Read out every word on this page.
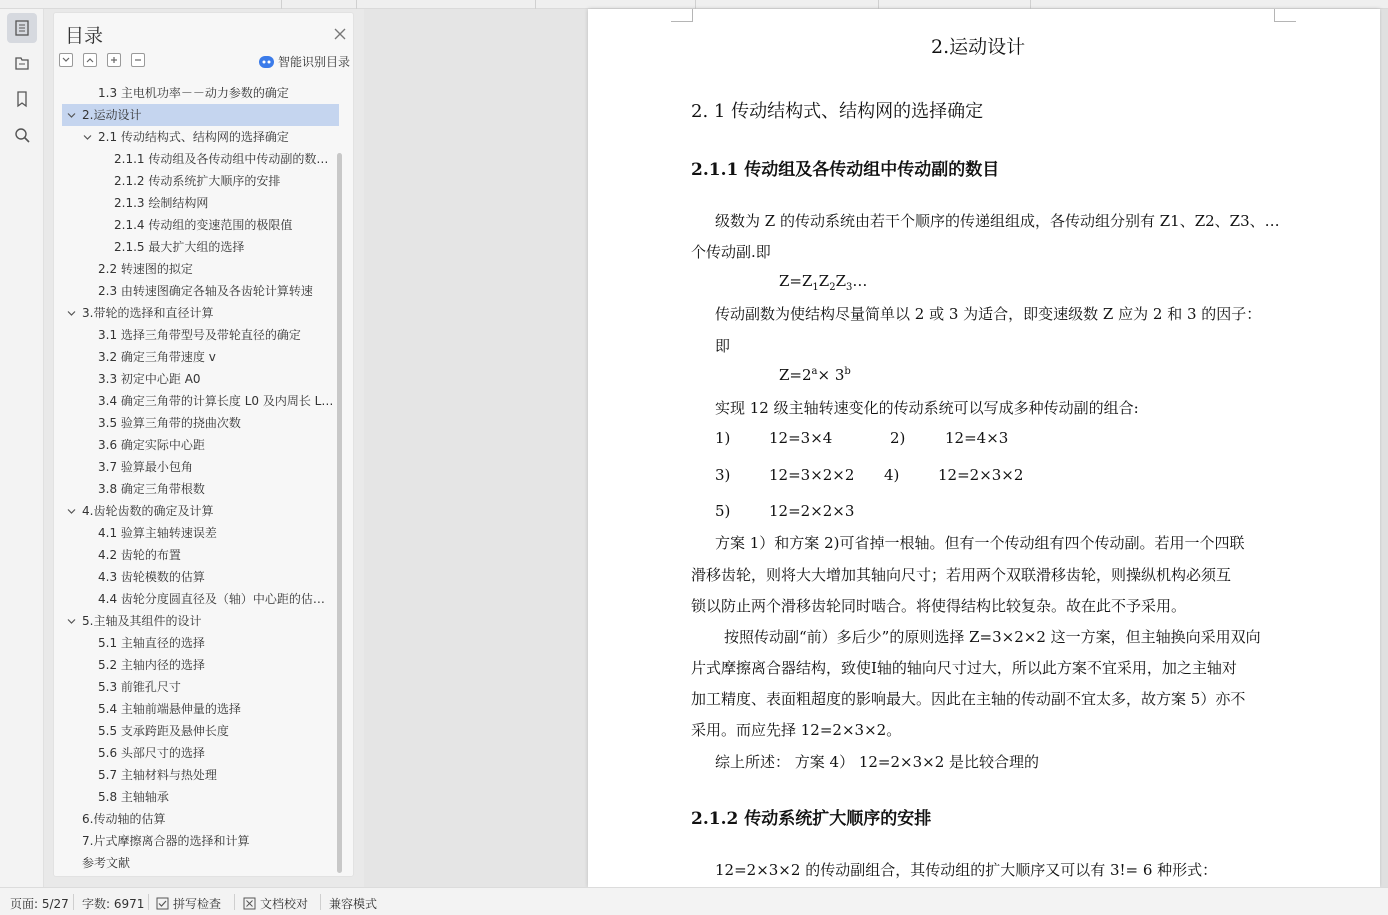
目录
智能识别目录
1.3 主电机功率－－动力参数的确定
2.运动设计
2.1 传动结构式、结构网的选择确定
2.1.1 传动组及各传动组中传动副的数…
2.1.2 传动系统扩大顺序的安排
2.1.3 绘制结构网
2.1.4 传动组的变速范围的极限值
2.1.5 最大扩大组的选择
2.2 转速图的拟定
2.3 由转速图确定各轴及各齿轮计算转速
3.带轮的选择和直径计算
3.1 选择三角带型号及带轮直径的确定
3.2 确定三角带速度 v
3.3 初定中心距 A0
3.4 确定三角带的计算长度 L0 及内周长 L…
3.5 验算三角带的挠曲次数
3.6 确定实际中心距
3.7 验算最小包角
3.8 确定三角带根数
4.齿轮齿数的确定及计算
4.1 验算主轴转速误差
4.2 齿轮的布置
4.3 齿轮模数的估算
4.4 齿轮分度圆直径及（轴）中心距的估…
5.主轴及其组件的设计
5.1 主轴直径的选择
5.2 主轴内径的选择
5.3 前锥孔尺寸
5.4 主轴前端悬伸量的选择
5.5 支承跨距及悬伸长度
5.6 头部尺寸的选择
5.7 主轴材料与热处理
5.8 主轴轴承
6.传动轴的估算
7.片式摩擦离合器的选择和计算
参考文献
2.运动设计
2. 1 传动结构式、结构网的选择确定
2.1.1 传动组及各传动组中传动副的数目
级数为 Z 的传动系统由若干个顺序的传递组组成，各传动组分别有 Z1、Z2、Z3、…
个传动副.即
$Z=Z_1Z_2Z_3\dots$
传动副数为使结构尽量简单以 2 或 3 为适合，即变速级数 Z 应为 2 和 3 的因子：
即
$Z=2^a\times 3^b$
实现 12 级主轴转速变化的传动系统可以写成多种传动副的组合:
1)	12=3×4	2)	12=4×3
3)	12=3×2×2 4)	12=2×3×2
5)	12=2×2×3
方案 1）和方案 2)可省掉一根轴。但有一个传动组有四个传动副。若用一个四联
滑移齿轮，则将大大增加其轴向尺寸；若用两个双联滑移齿轮，则操纵机构必须互
锁以防止两个滑移齿轮同时啮合。将使得结构比较复杂。故在此不予采用。
按照传动副“前）多后少”的原则选择 Z=3×2×2 这一方案，但主轴换向采用双向
片式摩擦离合器结构，致使Ⅰ轴的轴向尺寸过大，所以此方案不宜采用，加之主轴对
加工精度、表面粗超度的影响最大。因此在主轴的传动副不宜太多，故方案 5）亦不
采用。而应先择 12=2×3×2。
综上所述： 方案 4） 12=2×3×2 是比较合理的
2.1.2 传动系统扩大顺序的安排
12=2×3×2 的传动副组合，其传动组的扩大顺序又可以有 3!= 6 种形式：
页面: 5/27 字数: 6971 拼写检查	文档校对 兼容模式
